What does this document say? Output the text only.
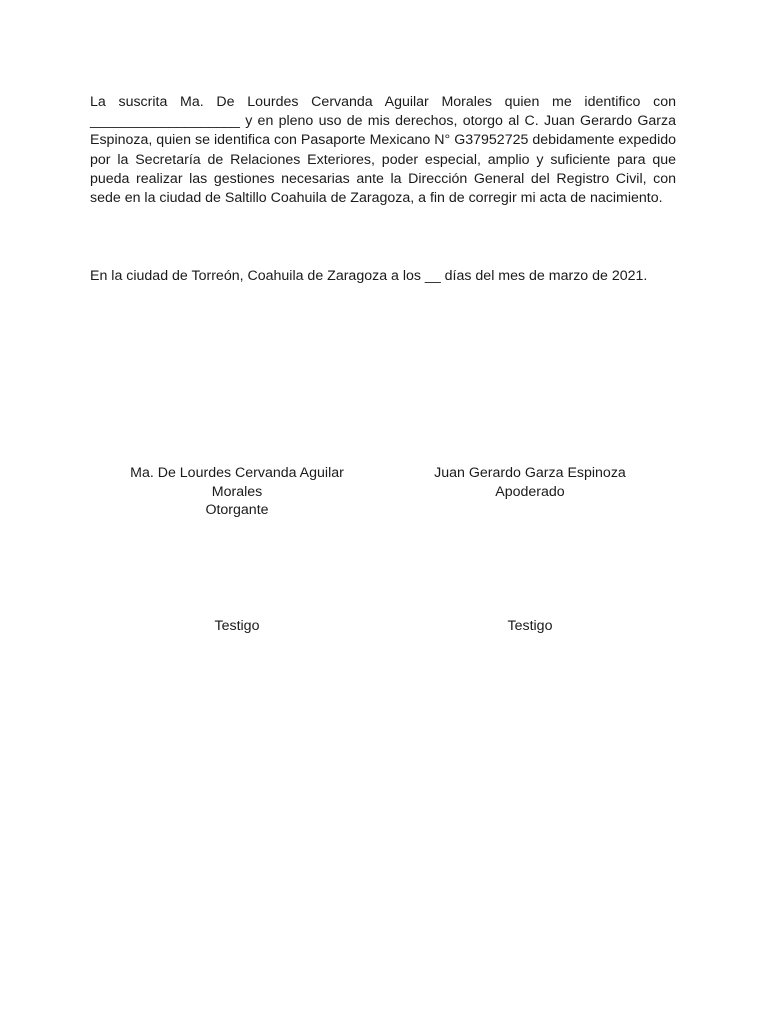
La suscrita Ma. De Lourdes Cervanda Aguilar Morales quien me identifico con ___________________ y en pleno uso de mis derechos, otorgo al C. Juan Gerardo Garza Espinoza, quien se identifica con Pasaporte Mexicano N° G37952725 debidamente expedido por la Secretaría de Relaciones Exteriores, poder especial, amplio y suficiente para que pueda realizar las gestiones necesarias ante la Dirección General del Registro Civil, con sede en la ciudad de Saltillo Coahuila de Zaragoza, a fin de corregir mi acta de nacimiento.

En la ciudad de Torreón, Coahuila de Zaragoza a los __ días del mes de marzo de 2021.

Ma. De Lourdes Cervanda Aguilar
Morales
Otorgante
Juan Gerardo Garza Espinoza
Apoderado
Testigo	Testigo
